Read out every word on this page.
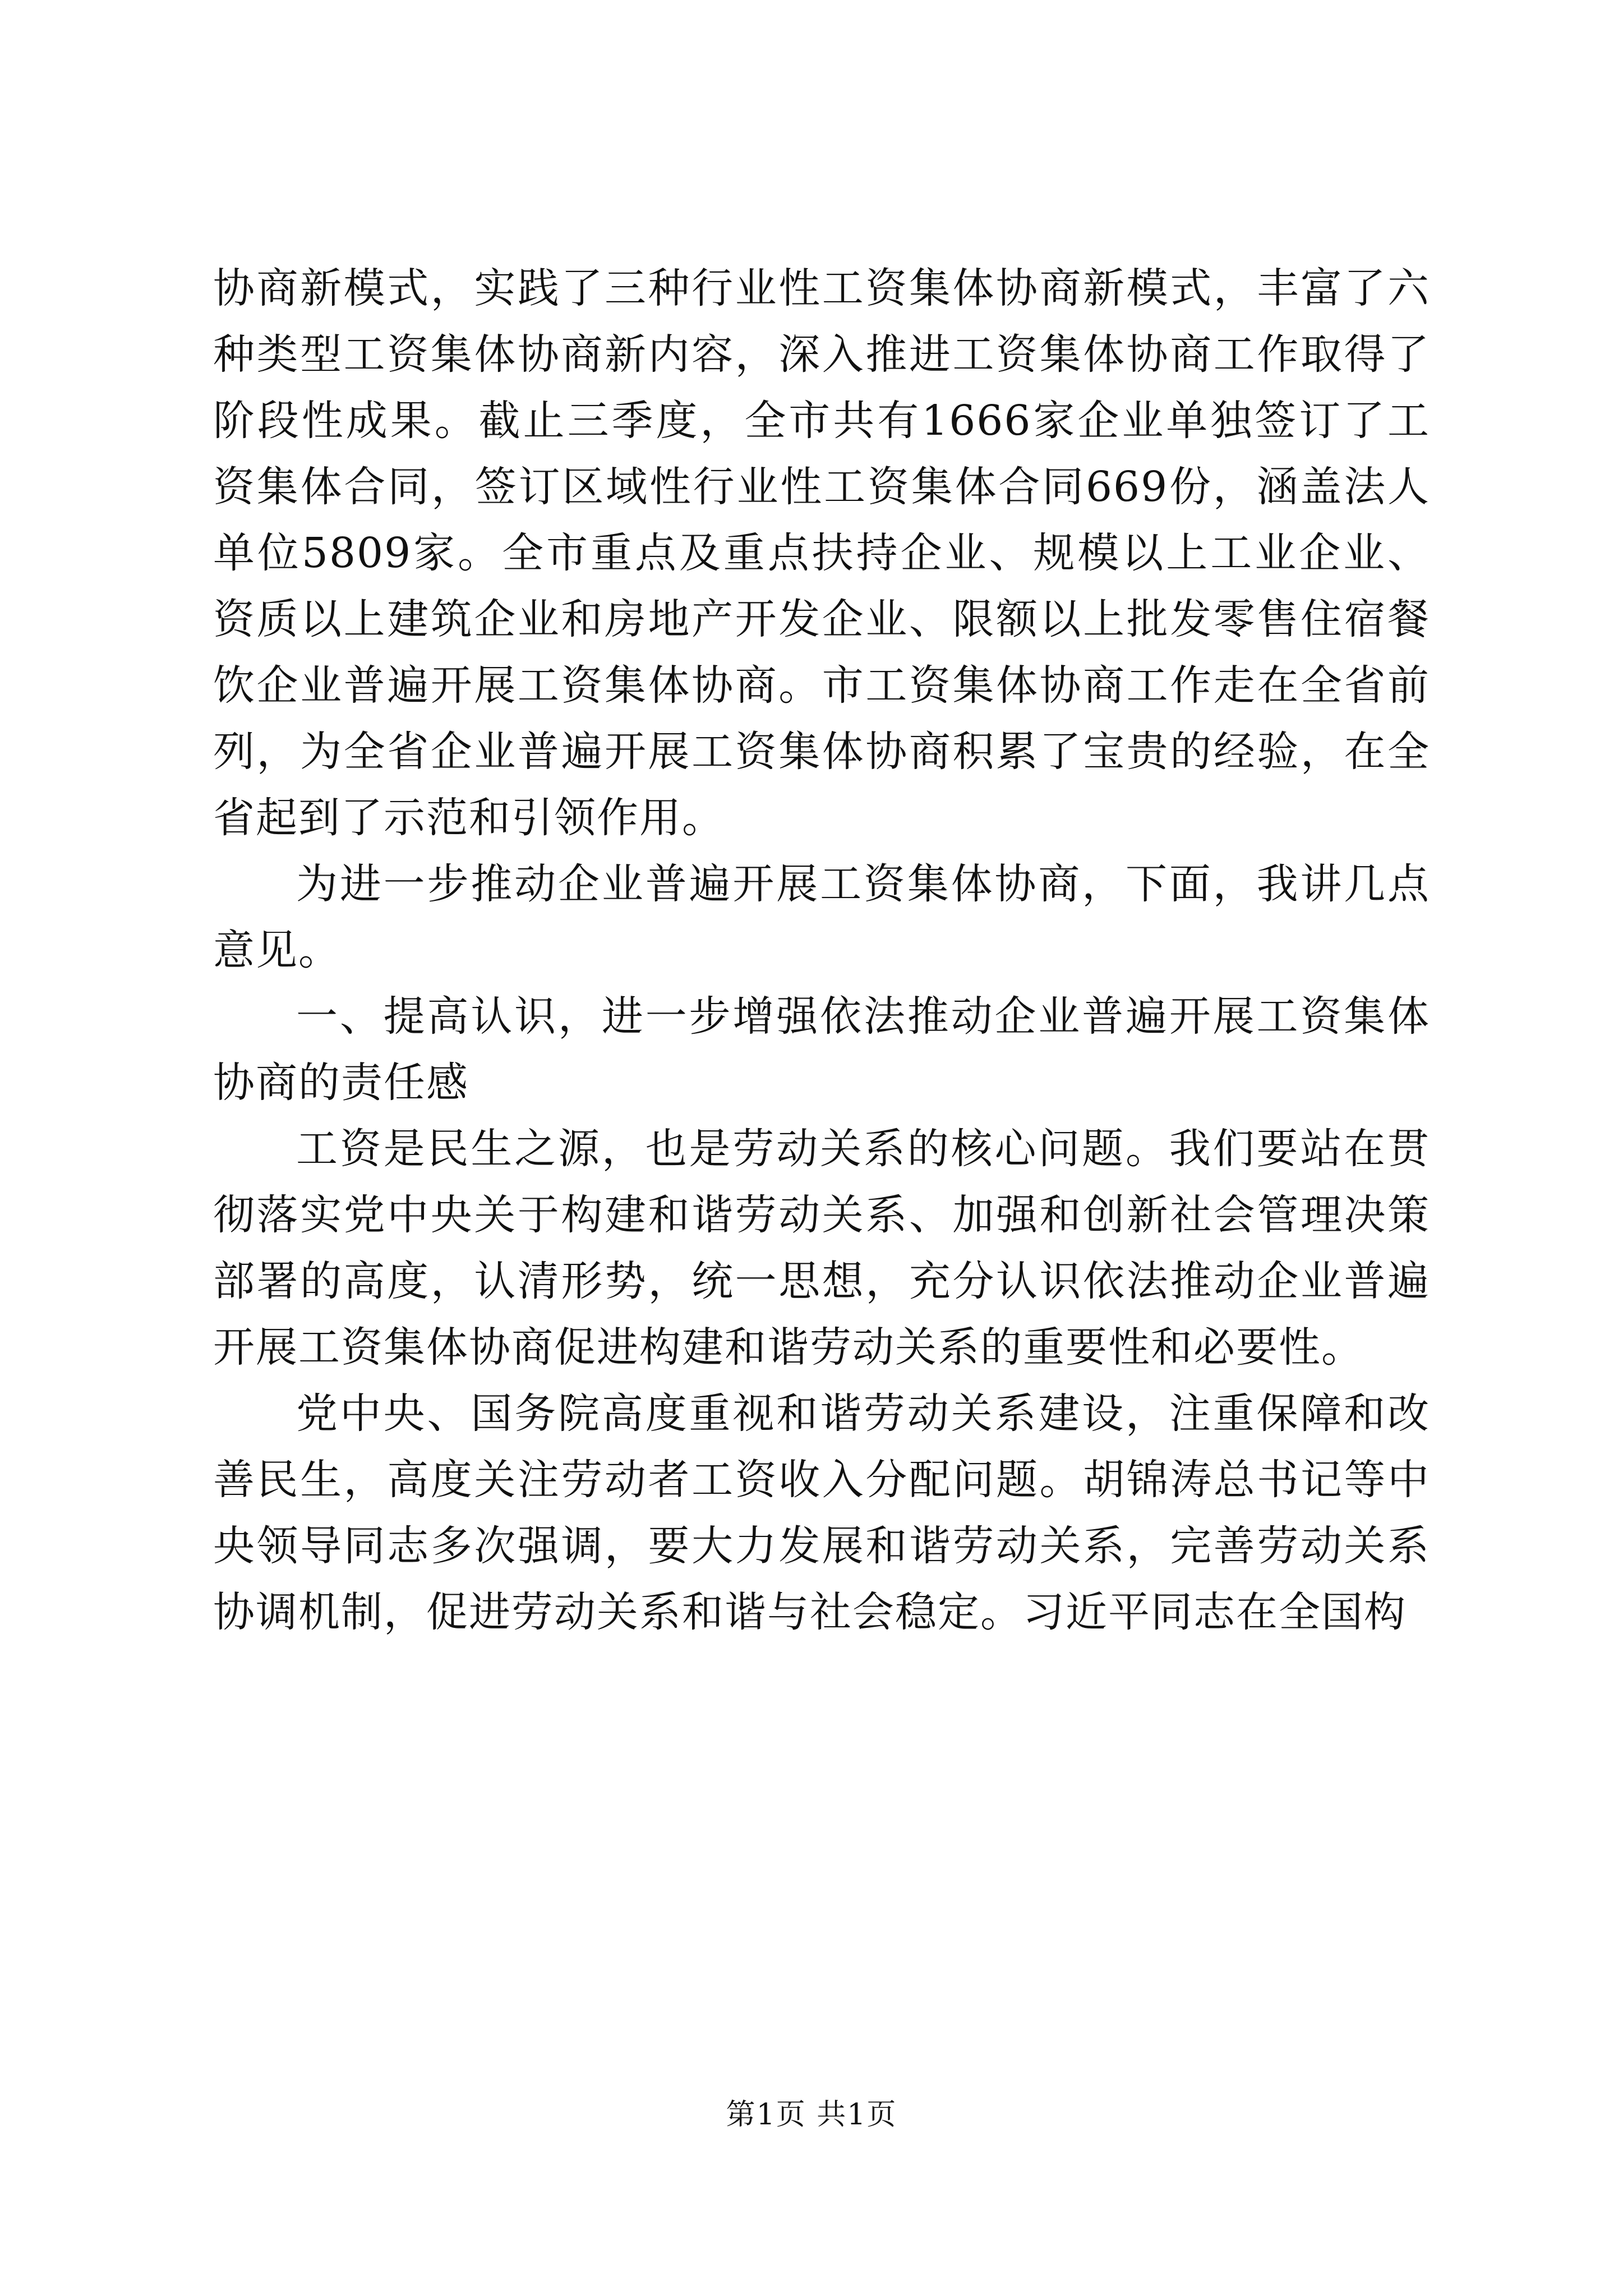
协商新模式，实践了三种行业性工资集体协商新模式，丰富了六种类型工资集体协商新内容，深入推进工资集体协商工作取得了阶段性成果。截止三季度，全市共有1666家企业单独签订了工资集体合同，签订区域性行业性工资集体合同669份，涵盖法人单位5809家。全市重点及重点扶持企业、规模以上工业企业、资质以上建筑企业和房地产开发企业、限额以上批发零售住宿餐饮企业普遍开展工资集体协商。市工资集体协商工作走在全省前列，为全省企业普遍开展工资集体协商积累了宝贵的经验，在全省起到了示范和引领作用。

为进一步推动企业普遍开展工资集体协商，下面，我讲几点意见。

一、提高认识，进一步增强依法推动企业普遍开展工资集体协商的责任感

工资是民生之源，也是劳动关系的核心问题。我们要站在贯彻落实党中央关于构建和谐劳动关系、加强和创新社会管理决策部署的高度，认清形势，统一思想，充分认识依法推动企业普遍开展工资集体协商促进构建和谐劳动关系的重要性和必要性。

党中央、国务院高度重视和谐劳动关系建设，注重保障和改善民生，高度关注劳动者工资收入分配问题。胡锦涛总书记等中央领导同志多次强调，要大力发展和谐劳动关系，完善劳动关系协调机制，促进劳动关系和谐与社会稳定。习近平同志在全国构

第1页 共1页
